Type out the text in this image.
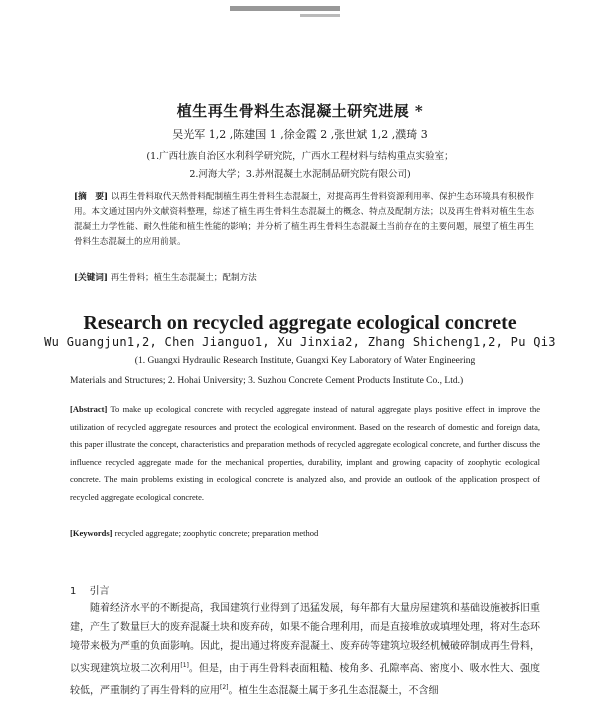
植生再生骨料生态混凝土研究进展 *
吴光军 1,2 ,陈建国 1 ,徐金霞 2 ,张世斌 1,2 ,濮琦 3
(1.广西壮族自治区水利科学研究院，广西水工程材料与结构重点实验室；
2.河海大学；3.苏州混凝土水泥制品研究院有限公司)
[摘　要] 以再生骨料取代天然骨料配制植生再生骨料生态混凝土，对提高再生骨料资源利用率、保护生态环境具有积极作用。本文通过国内外文献资料整理，综述了植生再生骨料生态混凝土的概念、特点及配制方法；以及再生骨料对植生生态混凝土力学性能、耐久性能和植生性能的影响；并分析了植生再生骨料生态混凝土当前存在的主要问题，展望了植生再生骨料生态混凝土的应用前景。
[关键词] 再生骨料；植生生态混凝土；配制方法
Research on recycled aggregate ecological concrete
Wu Guangjun1,2, Chen Jianguo1, Xu Jinxia2, Zhang Shicheng1,2, Pu Qi3
(1. Guangxi Hydraulic Research Institute, Guangxi Key Laboratory of Water Engineering
Materials and Structures; 2. Hohai University; 3. Suzhou Concrete Cement Products Institute Co., Ltd.)
[Abstract] To make up ecological concrete with recycled aggregate instead of natural aggregate plays positive effect in improve the utilization of recycled aggregate resources and protect the ecological environment. Based on the research of domestic and foreign data, this paper illustrate the concept, characteristics and preparation methods of recycled aggregate ecological concrete, and further discuss the influence recycled aggregate made for the mechanical properties, durability, implant and growing capacity of zoophytic ecological concrete. The main problems existing in ecological concrete is analyzed also, and provide an outlook of the application prospect of recycled aggregate ecological concrete.
[Keywords] recycled aggregate; zoophytic concrete; preparation method
1 引言
随着经济水平的不断提高，我国建筑行业得到了迅猛发展，每年都有大量房屋建筑和基础设施被拆旧重建，产生了数量巨大的废弃混凝土块和废弃砖，如果不能合理利用，而是直接堆放或填埋处理，将对生态环境带来极为严重的负面影响。因此，提出通过将废弃混凝土、废弃砖等建筑垃圾经机械破碎制成再生骨料，以实现建筑垃圾二次利用[1]。但是，由于再生骨料表面粗糙、棱角多、孔隙率高、密度小、吸水性大、强度较低，严重制约了再生骨料的应用[2]。植生生态混凝土属于多孔生态混凝土，不含细
